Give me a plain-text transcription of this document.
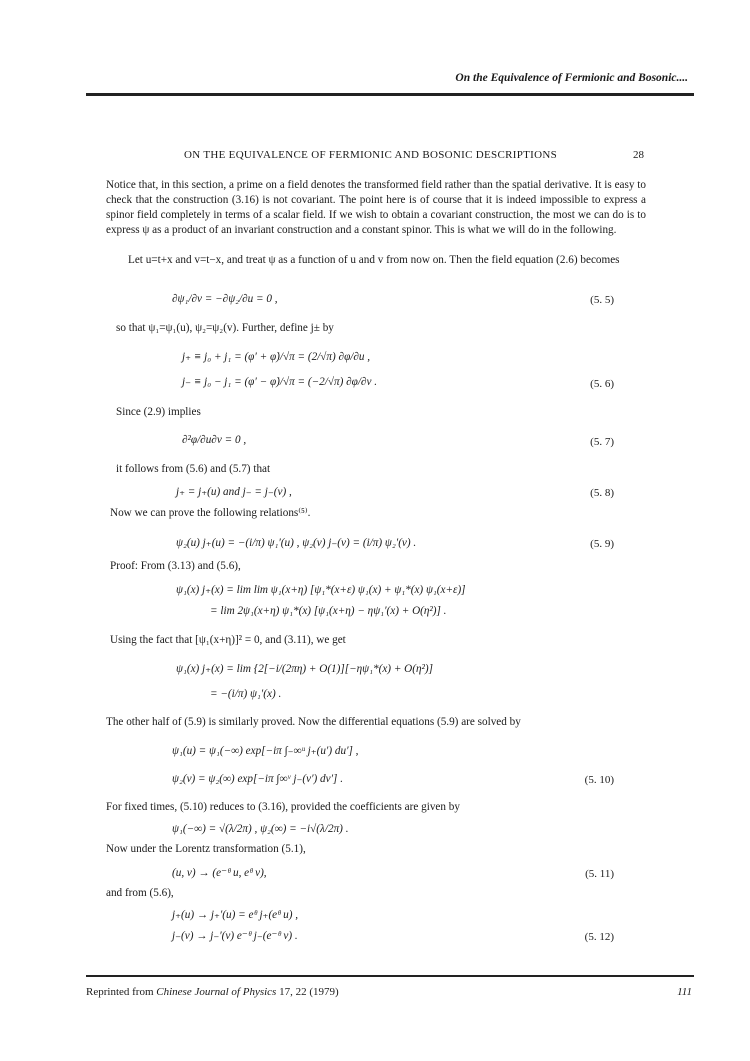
On the Equivalence of Fermionic and Bosonic....
ON THE EQUIVALENCE OF FERMIONIC AND BOSONIC DESCRIPTIONS	28
Notice that, in this section, a prime on a field denotes the transformed field rather than the spatial derivative. It is easy to check that the construction (3.16) is not covariant. The point here is of course that it is indeed impossible to express a spinor field completely in terms of a scalar field. If we wish to obtain a covariant construction, the most we can do is to express ψ as a product of an invariant construction and a constant spinor. This is what we will do in the following.
Let u=t+x and v=t−x, and treat ψ as a function of u and v from now on. Then the field equation (2.6) becomes
∂ψ₁/∂v = −∂ψ₂/∂u = 0 ,	(5. 5)
so that ψ₁=ψ₁(u), ψ₂=ψ₂(v). Further, define j± by
j₊ ≡ j₀ + j₁ = (φ′ + φ̇)/√π = (2/√π) ∂φ/∂u ,
j₋ ≡ j₀ − j₁ = (φ′ − φ̇)/√π = (−2/√π) ∂φ/∂v .	(5. 6)
Since (2.9) implies
∂²φ/∂u∂v = 0 ,	(5. 7)
it follows from (5.6) and (5.7) that
j₊ = j₊(u) and j₋ = j₋(v) ,	(5. 8)
Now we can prove the following relations⁽⁵⁾.
ψ₂(u) j₊(u) = −(i/π) ψ₁′(u) , ψ₂(v) j₋(v) = (i/π) ψ₂′(v) .	(5. 9)
Proof: From (3.13) and (5.6),
ψ₁(x) j₊(x) = lim lim ψ₁(x+η) [ψ₁*(x+ε) ψ₁(x) + ψ₁*(x) ψ₁(x+ε)]
= lim 2ψ₁(x+η) ψ₁*(x) [ψ₁(x+η) − ηψ₁′(x) + O(η²)] .
Using the fact that [ψ₁(x+η)]² = 0, and (3.11), we get
ψ₁(x) j₊(x) = lim {2[−i/(2πη) + O(1)][−ηψ₁*(x) + O(η²)]
= −(i/π) ψ₁′(x) .
The other half of (5.9) is similarly proved. Now the differential equations (5.9) are solved by
ψ₁(u) = ψ₁(−∞) exp[−iπ ∫₋∞ᵘ j₊(u′) du′] ,
ψ₂(v) = ψ₂(∞) exp[−iπ ∫∞ᵛ j₋(v′) dv′] .	(5. 10)
For fixed times, (5.10) reduces to (3.16), provided the coefficients are given by
ψ₁(−∞) = √(λ/2π) , ψ₂(∞) = −i√(λ/2π) .
Now under the Lorentz transformation (5.1),
(u, v) → (e⁻ᶿ u, eᶿ v),	(5. 11)
and from (5.6),
j₊(u) → j₊′(u) = eᶿ j₊(eᶿ u) ,
j₋(v) → j₋′(v) e⁻ᶿ j₋(e⁻ᶿ v) .	(5. 12)
Reprinted from Chinese Journal of Physics 17, 22 (1979)	111
